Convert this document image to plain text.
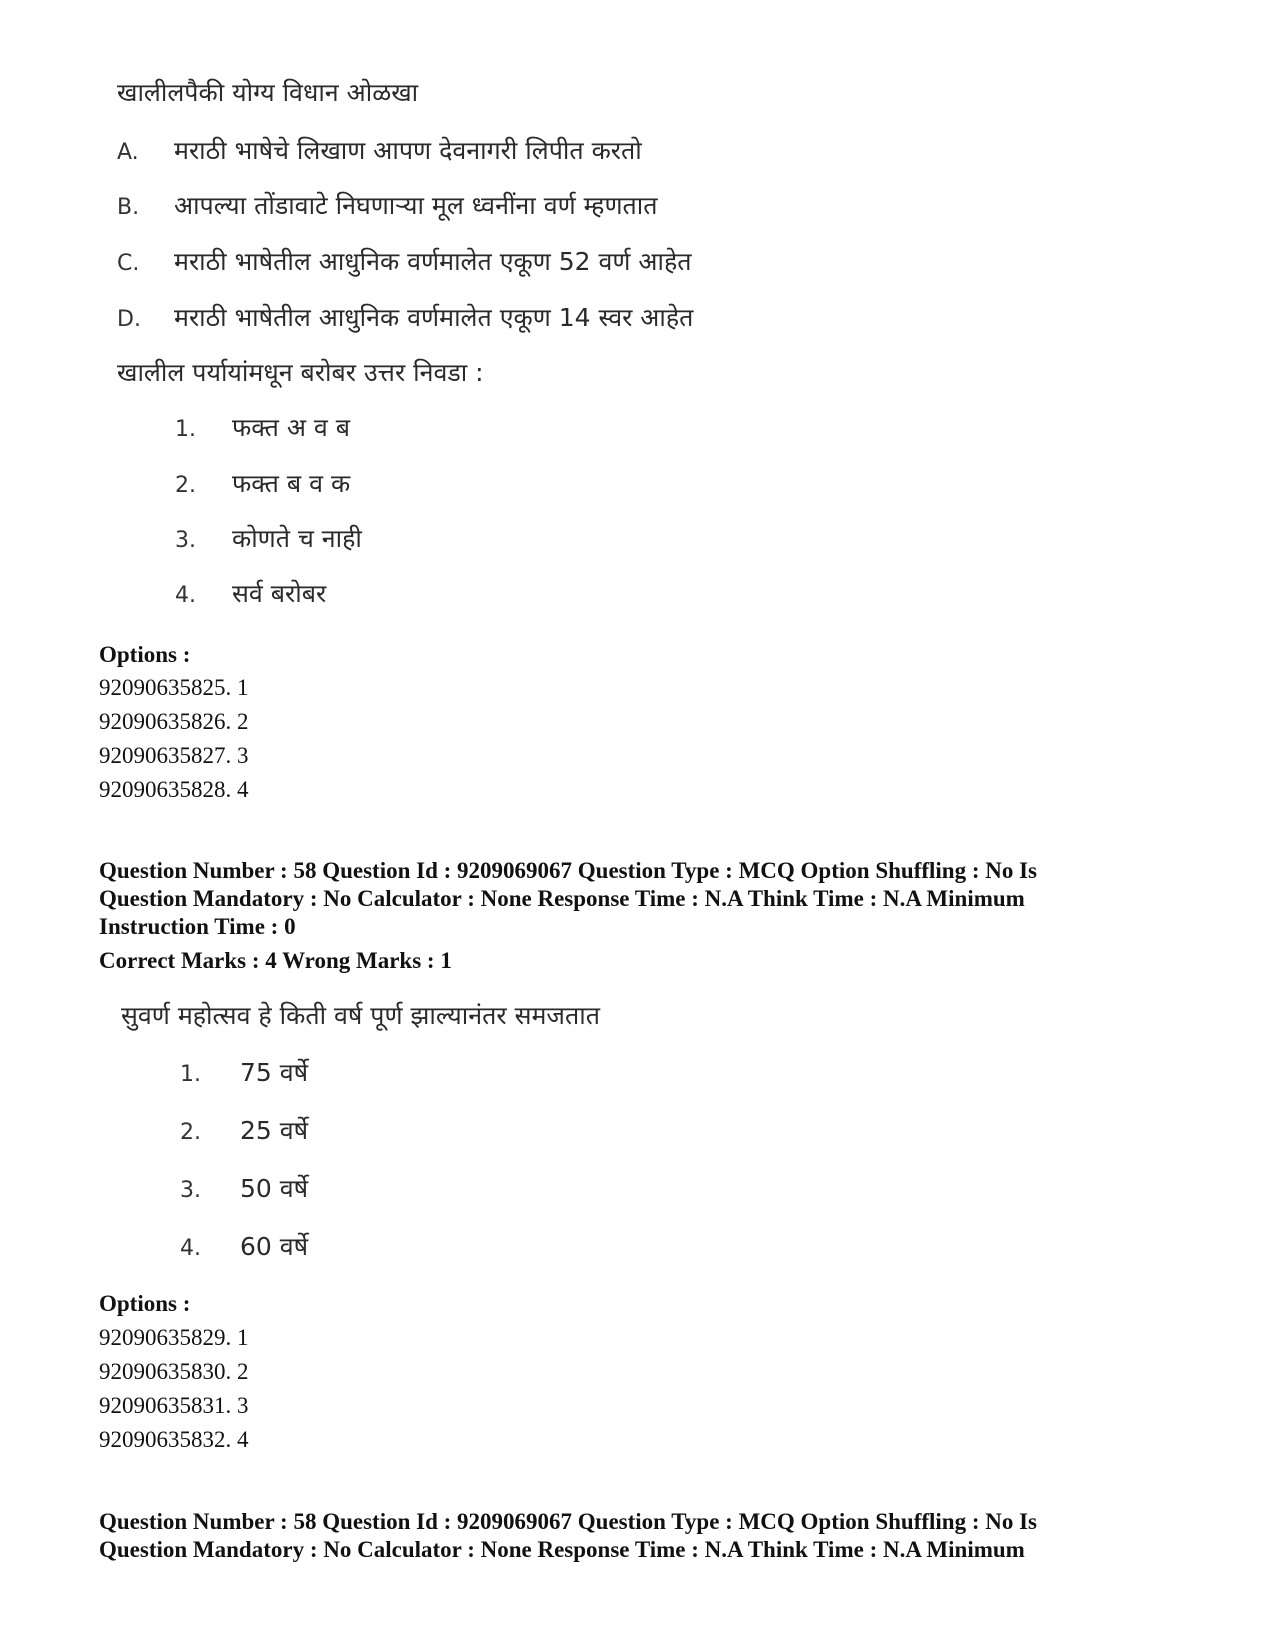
खालीलपैकी योग्य विधान ओळखा
A. मराठी भाषेचे लिखाण आपण देवनागरी लिपीत करतो
B. आपल्या तोंडावाटे निघणाऱ्या मूल ध्वनींना वर्ण म्हणतात
C. मराठी भाषेतील आधुनिक वर्णमालेत एकूण 52 वर्ण आहेत
D. मराठी भाषेतील आधुनिक वर्णमालेत एकूण 14 स्वर आहेत
खालील पर्यायांमधून बरोबर उत्तर निवडा :
1. फक्त अ व ब
2. फक्त ब व क
3. कोणते च नाही
4. सर्व बरोबर
Options :
92090635825. 1
92090635826. 2
92090635827. 3
92090635828. 4
Question Number : 58 Question Id : 9209069067 Question Type : MCQ Option Shuffling : No Is
Question Mandatory : No Calculator : None Response Time : N.A Think Time : N.A Minimum
Instruction Time : 0
Correct Marks : 4 Wrong Marks : 1
सुवर्ण महोत्सव हे किती वर्ष पूर्ण झाल्यानंतर समजतात
1. 75 वर्षे
2. 25 वर्षे
3. 50 वर्षे
4. 60 वर्षे
Options :
92090635829. 1
92090635830. 2
92090635831. 3
92090635832. 4
Question Number : 58 Question Id : 9209069067 Question Type : MCQ Option Shuffling : No Is
Question Mandatory : No Calculator : None Response Time : N.A Think Time : N.A Minimum
